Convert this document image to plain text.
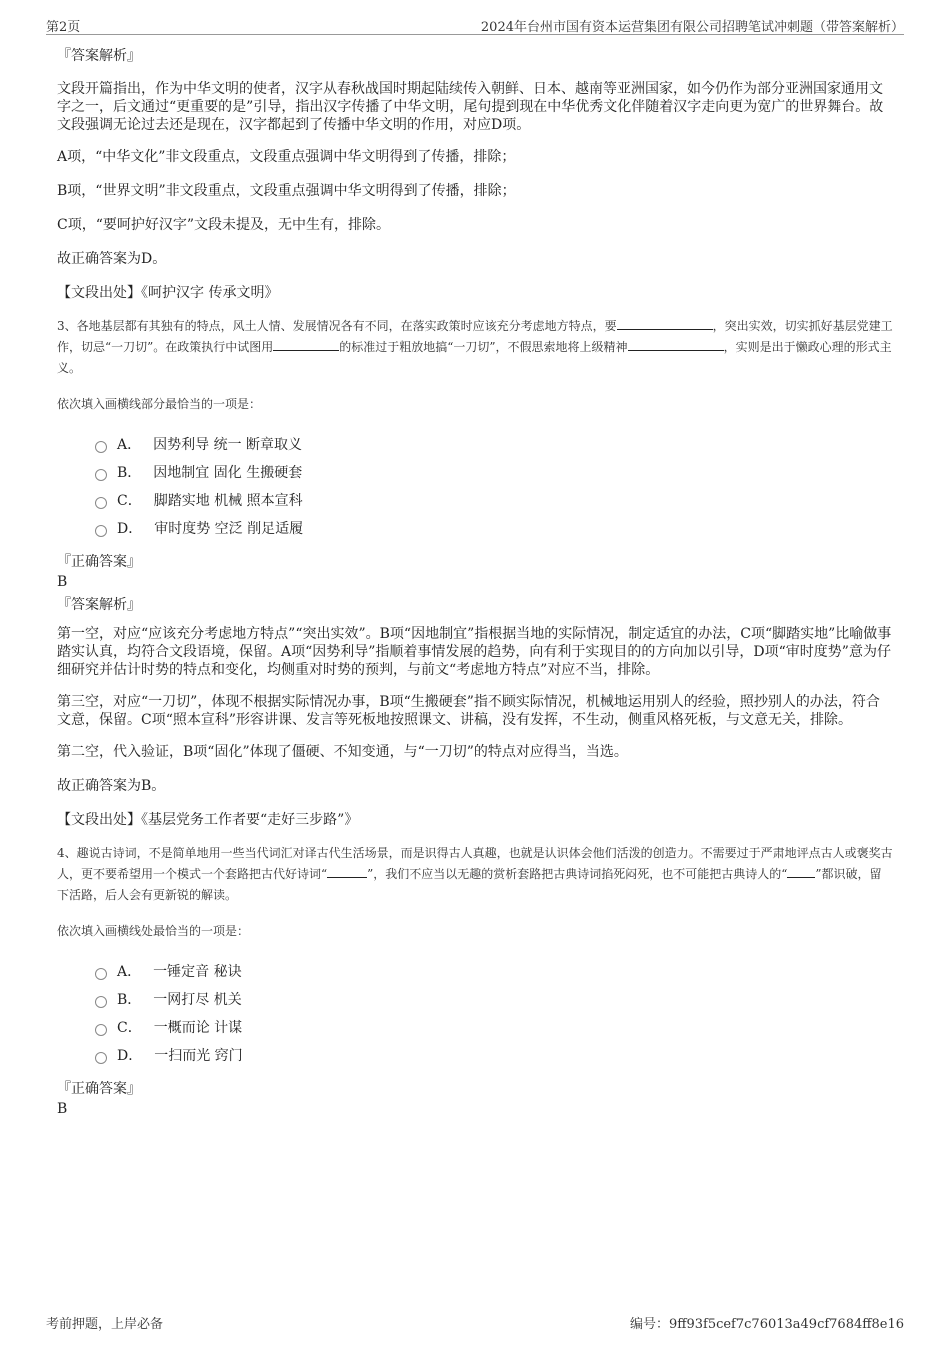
第2页	2024年台州市国有资本运营集团有限公司招聘笔试冲刺题（带答案解析）
『答案解析』

文段开篇指出，作为中华文明的使者，汉字从春秋战国时期起陆续传入朝鲜、日本、越南等亚洲国家，如今仍作为部分亚洲国家通用文字之一，后文通过“更重要的是”引导，指出汉字传播了中华文明，尾句提到现在中华优秀文化伴随着汉字走向更为宽广的世界舞台。故文段强调无论过去还是现在，汉字都起到了传播中华文明的作用，对应D项。

A项，“中华文化”非文段重点，文段重点强调中华文明得到了传播，排除；

B项，“世界文明”非文段重点，文段重点强调中华文明得到了传播，排除；

C项，“要呵护好汉字”文段未提及，无中生有，排除。

故正确答案为D。

【文段出处】《呵护汉字 传承文明》

3、各地基层都有其独有的特点，风土人情、发展情况各有不同，在落实政策时应该充分考虑地方特点，要	，突出实效，切实抓好基层党建工作，切忌“一刀切”。在政策执行中试图用	的标准过于粗放地搞“一刀切”，不假思索地将上级精神	，实则是出于懒政心理的形式主义。

依次填入画横线部分最恰当的一项是：

A． 因势利导 统一 断章取义
B． 因地制宜 固化 生搬硬套
C． 脚踏实地 机械 照本宣科
D． 审时度势 空泛 削足适履
『正确答案』
B
『答案解析』

第一空，对应“应该充分考虑地方特点”“突出实效”。B项“因地制宜”指根据当地的实际情况，制定适宜的办法，C项“脚踏实地”比喻做事踏实认真，均符合文段语境，保留。A项“因势利导”指顺着事情发展的趋势，向有利于实现目的的方向加以引导，D项“审时度势”意为仔细研究并估计时势的特点和变化，均侧重对时势的预判，与前文“考虑地方特点”对应不当，排除。

第三空，对应“一刀切”，体现不根据实际情况办事，B项“生搬硬套”指不顾实际情况，机械地运用别人的经验，照抄别人的办法，符合文意，保留。C项“照本宣科”形容讲课、发言等死板地按照课文、讲稿，没有发挥，不生动，侧重风格死板，与文意无关，排除。

第二空，代入验证，B项“固化”体现了僵硬、不知变通，与“一刀切”的特点对应得当，当选。

故正确答案为B。

【文段出处】《基层党务工作者要“走好三步路”》

4、趣说古诗词，不是简单地用一些当代词汇对译古代生活场景，而是识得古人真趣，也就是认识体会他们活泼的创造力。不需要过于严肃地评点古人或褒奖古人，更不要希望用一个模式一个套路把古代好诗词“	”，我们不应当以无趣的赏析套路把古典诗词掐死闷死，也不可能把古典诗人的“ ”都识破，留下活路，后人会有更新锐的解读。

依次填入画横线处最恰当的一项是：

A． 一锤定音 秘诀
B． 一网打尽 机关
C． 一概而论 计谋
D． 一扫而光 窍门
『正确答案』
B
考前押题，上岸必备	编号：9ff93f5cef7c76013a49cf7684ff8e16
